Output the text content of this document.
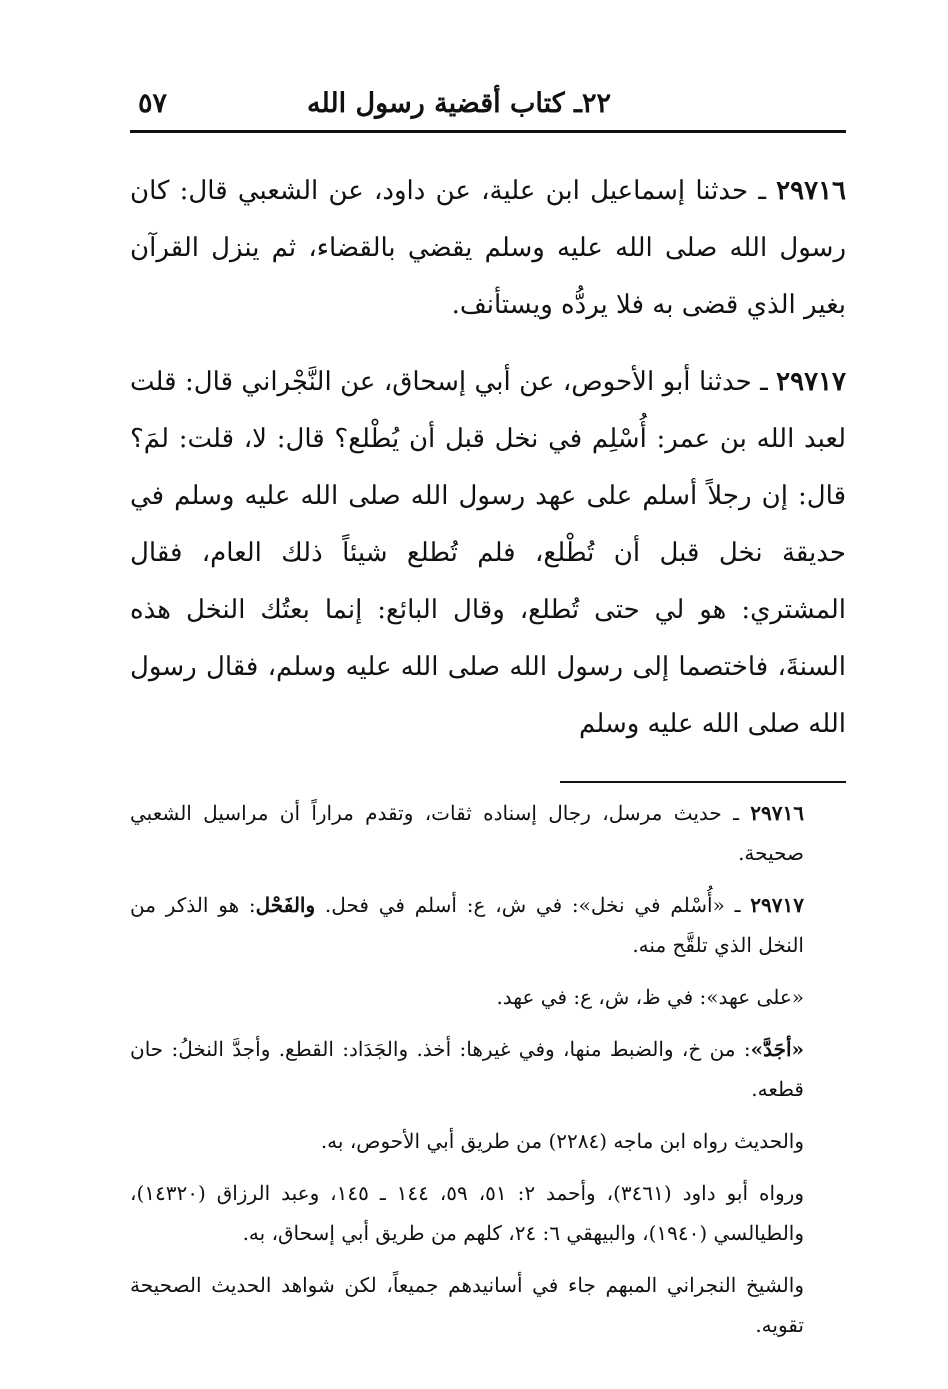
٢٢ـ كتاب أقضية رسول الله
٥٧

٢٩٧١٦ ـ حدثنا إسماعيل ابن علية، عن داود، عن الشعبي قال: كان رسول الله صلى الله عليه وسلم يقضي بالقضاء، ثم ينزل القرآن بغير الذي قضى به فلا يردُّه ويستأنف.

٢٩٧١٧ ـ حدثنا أبو الأحوص، عن أبي إسحاق، عن النَّجْراني قال: قلت لعبد الله بن عمر: أُسْلِم في نخل قبل أن يُطْلع؟ قال: لا، قلت: لمَ؟ قال: إن رجلاً أسلم على عهد رسول الله صلى الله عليه وسلم في حديقة نخل قبل أن تُطْلع، فلم تُطلع شيئاً ذلك العام، فقال المشتري: هو لي حتى تُطلع، وقال البائع: إنما بعتُك النخل هذه السنةَ، فاختصما إلى رسول الله صلى الله عليه وسلم، فقال رسول الله صلى الله عليه وسلم

٢٩٧١٦ ـ حديث مرسل، رجال إسناده ثقات، وتقدم مراراً أن مراسيل الشعبي صحيحة.

٢٩٧١٧ ـ «أُسْلم في نخل»: في ش، ع: أسلم في فحل. والفَحْل: هو الذكر من النخل الذي تلقَّح منه.

«على عهد»: في ظ، ش، ع: في عهد.

«أجَدَّ»: من خ، والضبط منها، وفي غيرها: أخذ. والجَدَاد: القطع. وأجدَّ النخلُ: حان قطعه.

والحديث رواه ابن ماجه (٢٢٨٤) من طريق أبي الأحوص، به.

ورواه أبو داود (٣٤٦١)، وأحمد ٢: ٥١، ٥٩، ١٤٤ ـ ١٤٥، وعبد الرزاق (١٤٣٢٠)، والطيالسي (١٩٤٠)، والبيهقي ٦: ٢٤، كلهم من طريق أبي إسحاق، به.

والشيخ النجراني المبهم جاء في أسانيدهم جميعاً، لكن شواهد الحديث الصحيحة تقويه.
